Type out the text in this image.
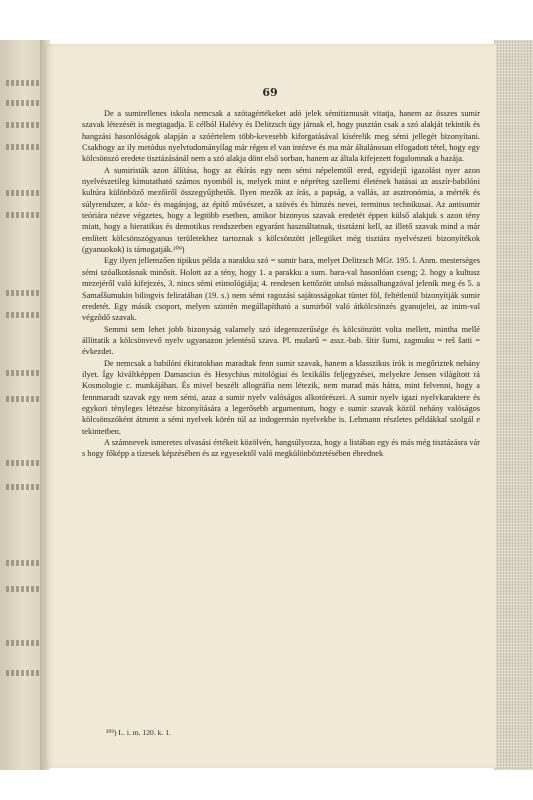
69

De a sumirellenes iskola nemcsak a szótagértékeket adó jelek sémitizmusát vitatja, hanem az összes sumir szavak létezését is megtagadja. E célból Halévy és Delitzsch úgy járnak el, hogy pusztán csak a szó alakját tekintik és hangzási hasonlóságok alapján a szóértelem több-kevesebb kiforgatásával kísérelik meg sémi jellegét bizonyítani. Csakhogy az ily metódus nyelvtudományilag már régen el van intézve és ma már általánosan elfogadott tétel, hogy egy kölcsönszó eredete tisztázásánál nem a szó alakja dönt első sorban, hanem az általa kifejezett fogalomnak a hazája.

A sumiristák azon állítása, hogy az ékírás egy nem sémi népelemtől ered, egyidejű igazolást nyer azon nyelvészetileg kimutatható számos nyomból is, melyek mint e népréteg szellemi életének hatásai az asszír-babilóni kultúra különböző mezőiről összegyűjthetők. Ilyen mezők az írás, a papság, a vallás, az asztronómia, a mérték és súlyrendszer, a köz- és magánjog, az építő művészet, a szövés és hímzés nevei, terminus technikusai. Az antisumir teóriára nézve végzetes, hogy a legtöbb esetben, amikor bizonyos szavak eredetét éppen külső alakjuk s azon tény miatt, hogy a hieratikus és demotikus rendszerben egyaránt használtatnak, tisztázni kell, az illető szavak mind a már említett kölcsönszógyanus területekhez tartoznak s kölcsönzött jellegüket még tisztára nyelvészeti bizonyítékok (gyanuokok) is támogatják.²⁰⁹)

Egy ilyen jellemzően típikus példa a narakku szó = sumir bara, melyet Delitzsch MGr. 195. l. Anm. mesterséges sémi szóalkotásnak minősít. Holott az a tény, hogy 1. a parakku a sum. bara-val hasonlóan cseng; 2. hogy a kultusz mezejéről való kifejezés, 3. nincs sémi etimológiája; 4. rendesen kettőzött utolsó mássalhangzóval jelenik meg és 5. a Samaššumukin bilingvis feliratában (19. s.) nem sémi ragozási sajátosságokat tüntet föl, feltétlenül bizonyítják sumir eredetét. Egy másik csoport, melyen szintén megállapítható a sumirból való átkölcsönzés gyanujelei, az inim-val végződő szavak.

Semmi sem lehet jobb bizonyság valamely szó idegenszerűsége és kölcsönzött volta mellett, mintha mellé állíttatik a kölcsönvevő nyelv ugyanazon jelentésű szava. Pl. mušarû = assz.-bab. šitir šumi, zagmuku = reš šatti = évkezdet.

De nemcsak a babilóni ékiratokban maradtak fenn sumir szavak, hanem a klasszikus írók is megőriztek nehány ilyet. Így kiváltképpen Damascius és Hesychius mitológiai és lexikális feljegyzései, melyekre Jensen világított rá Kosmologie c. munkájában. És mivel beszélt allográfia nem létezik, nem marad más hátra, mint felvenni, hogy a fennmaradt szavak egy nem sémi, azaz a sumir nyelv valóságos alkotórészei. A sumir nyelv igazi nyelvkaraktere és egykori tényleges létezése bizonyítására a legerősebb argumentum, hogy e sumir szavak közül nehány valóságos kölcsönszóként átment a sémi nyelvek körén túl az indogermán nyelvekbe is. Lehmann részletes példákkal szolgál e tekintetben.

A számnevek ismeretes olvasási értékeit közölvén, hangsúlyozza, hogy a listában egy és más még tisztázásra vár s hogy főképp a tízesek képzésében és az egyesektől való megkülönböztetésében ébrednek

²⁰⁹) L. i. m. 120. k. 1.
